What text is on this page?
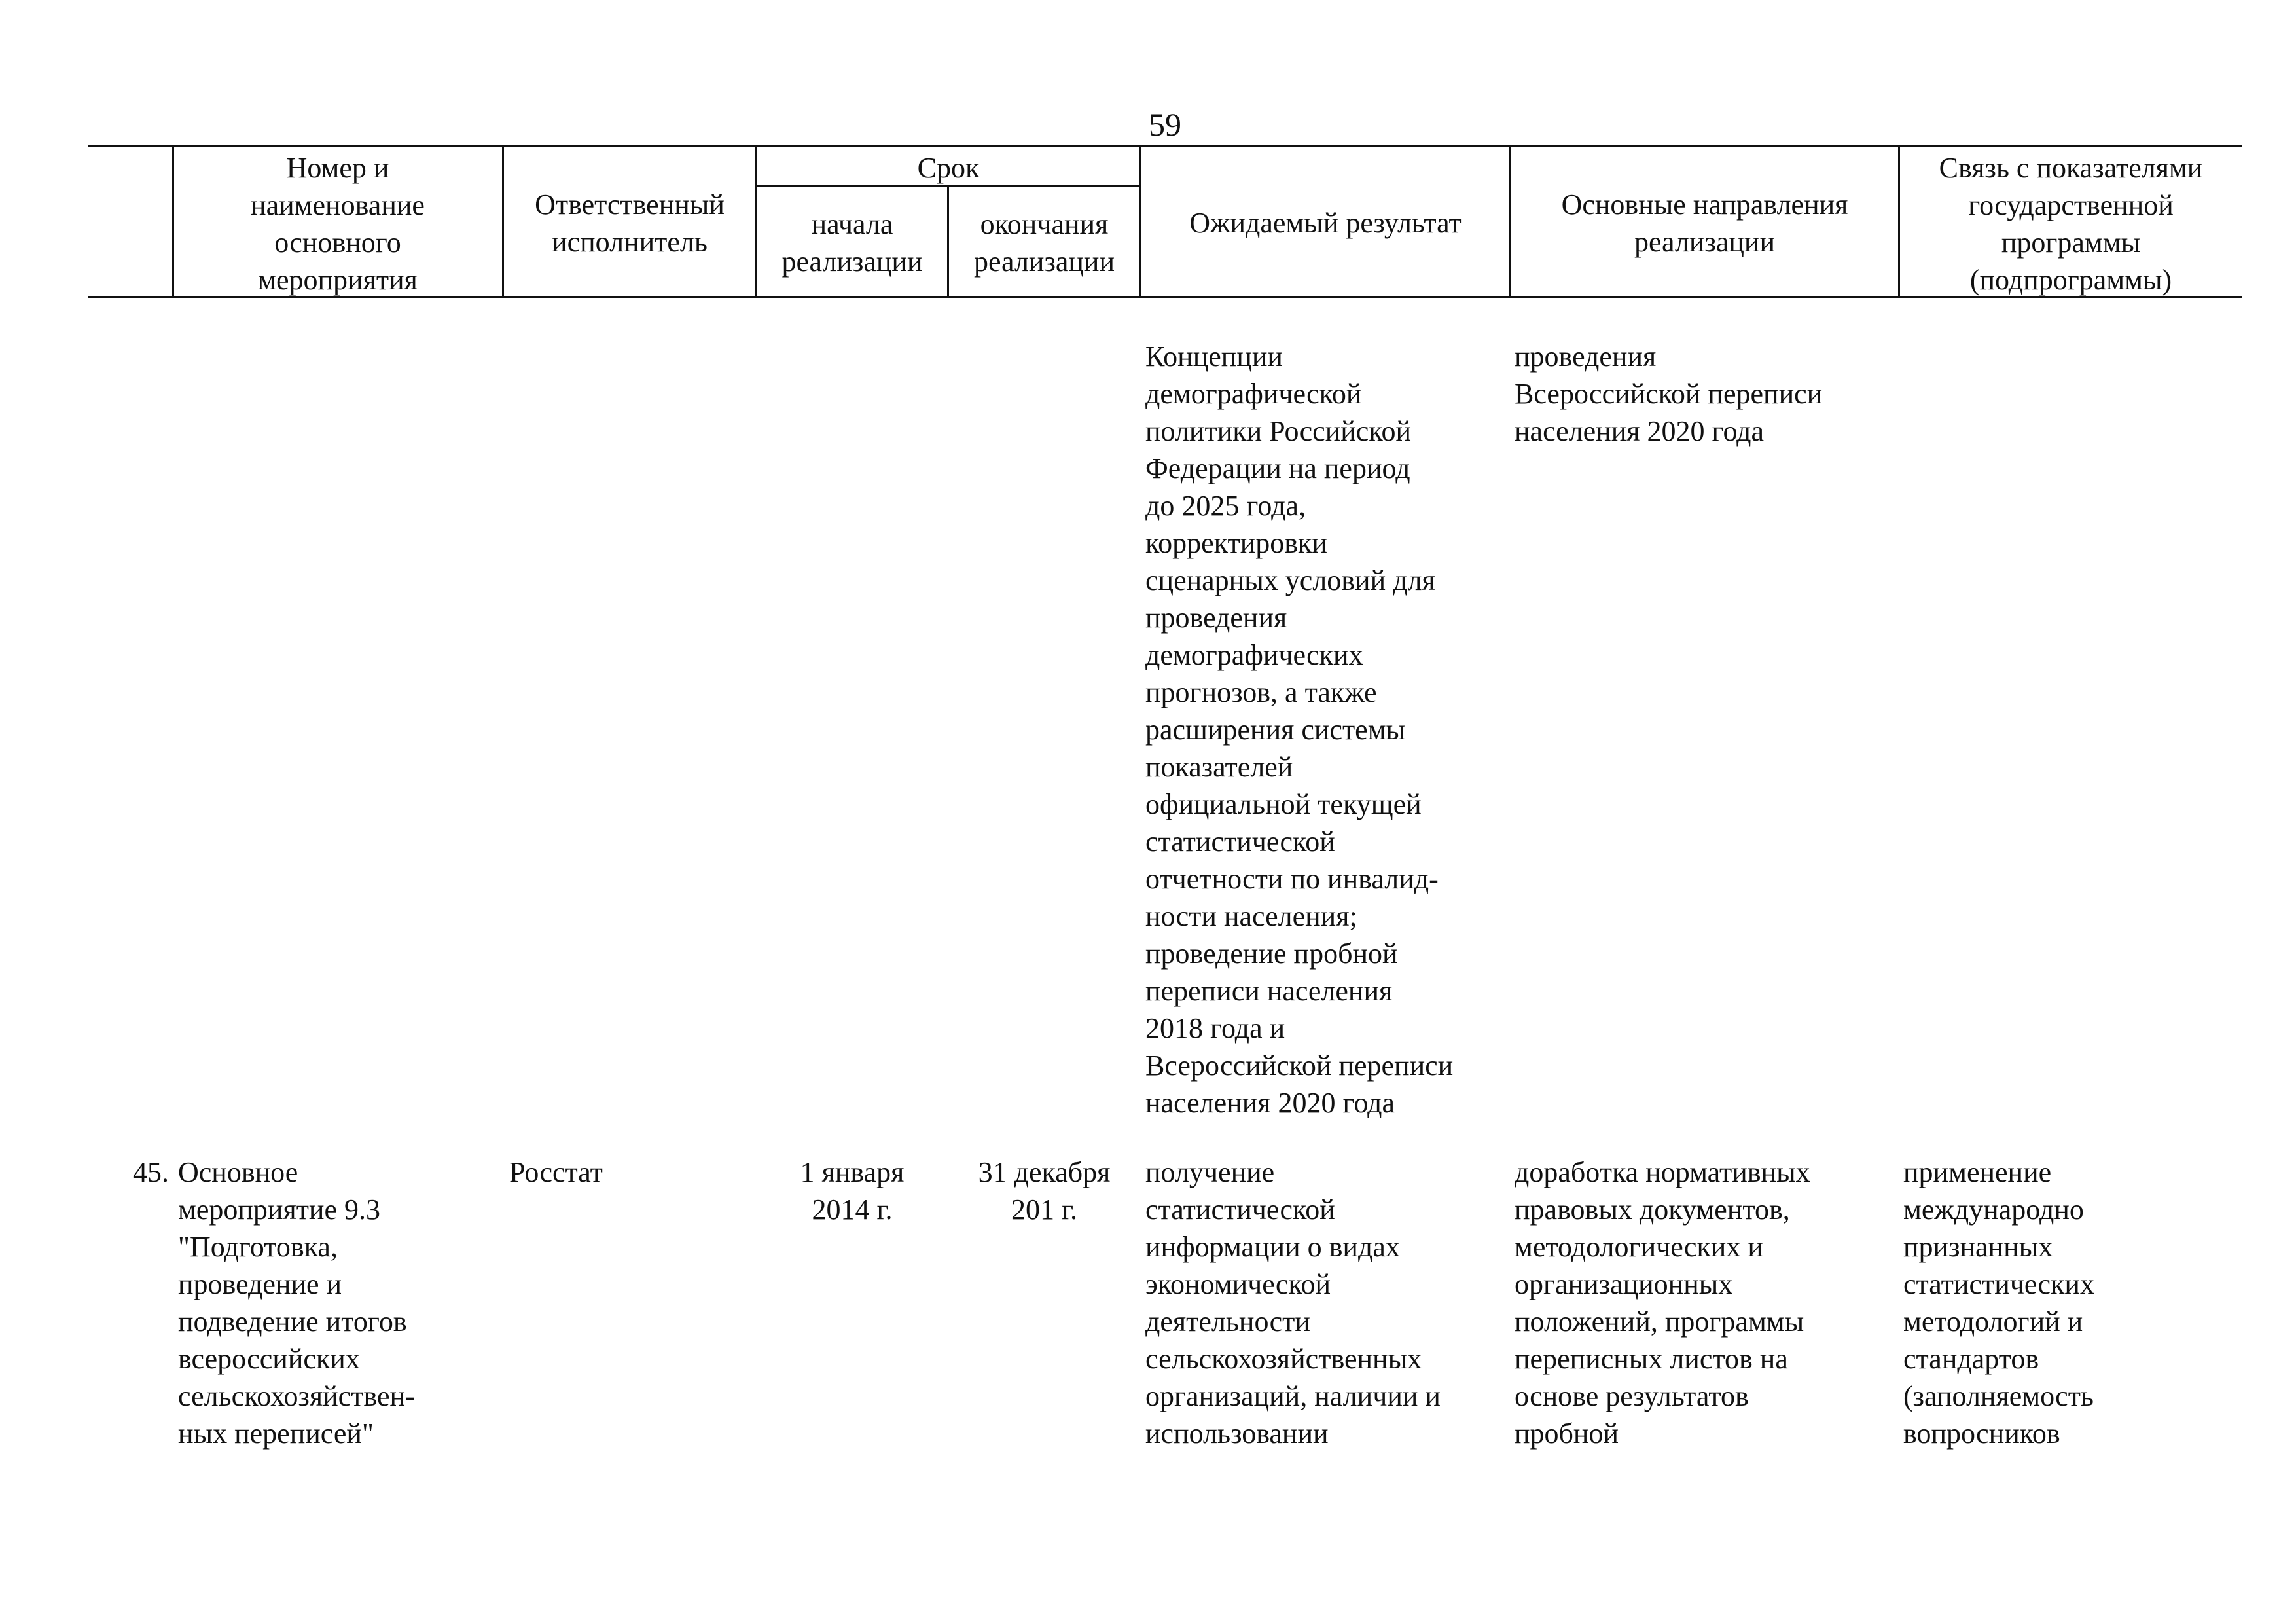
59
Номер и
наименование
основного
мероприятия
Ответственный
исполнитель
Срок
начала
реализации
окончания
реализации
Ожидаемый результат
Основные направления
реализации
Связь с показателями
государственной
программы
(подпрограммы)
Концепции
демографической
политики Российской
Федерации на период
до 2025 года,
корректировки
сценарных условий для
проведения
демографических
прогнозов, а также
расширения системы
показателей
официальной текущей
статистической
отчетности по инвалид-
ности населения;
проведение пробной
переписи населения
2018 года и
Всероссийской переписи
населения 2020 года
проведения
Всероссийской переписи
населения 2020 года
45. Основное
мероприятие 9.3
"Подготовка,
проведение и
подведение итогов
всероссийских
сельскохозяйствен-
ных переписей"
Росстат	1 января
2014 г.
31 декабря
201 г.
получение
статистической
информации о видах
экономической
деятельности
сельскохозяйственных
организаций, наличии и
использовании
доработка нормативных
правовых документов,
методологических и
организационных
положений, программы
переписных листов на
основе результатов
пробной
применение
международно
признанных
статистических
методологий и
стандартов
(заполняемость
вопросников
